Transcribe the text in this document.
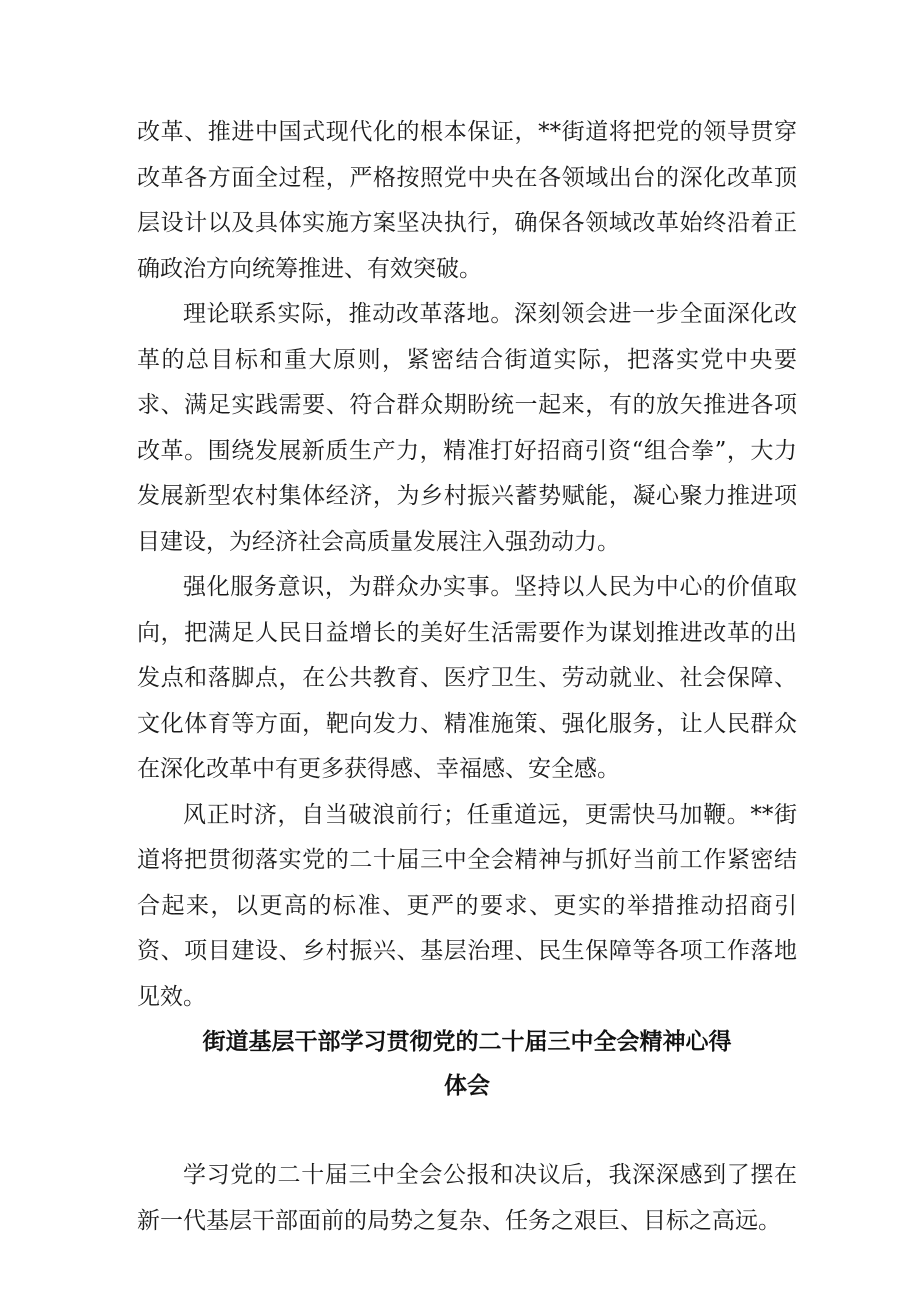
改革、推进中国式现代化的根本保证，**街道将把党的领导贯穿改革各方面全过程，严格按照党中央在各领域出台的深化改革顶层设计以及具体实施方案坚决执行，确保各领域改革始终沿着正确政治方向统筹推进、有效突破。

理论联系实际，推动改革落地。深刻领会进一步全面深化改革的总目标和重大原则，紧密结合街道实际，把落实党中央要求、满足实践需要、符合群众期盼统一起来，有的放矢推进各项改革。围绕发展新质生产力，精准打好招商引资“组合拳”，大力发展新型农村集体经济，为乡村振兴蓄势赋能，凝心聚力推进项目建设，为经济社会高质量发展注入强劲动力。

强化服务意识，为群众办实事。坚持以人民为中心的价值取向，把满足人民日益增长的美好生活需要作为谋划推进改革的出发点和落脚点，在公共教育、医疗卫生、劳动就业、社会保障、文化体育等方面，靶向发力、精准施策、强化服务，让人民群众在深化改革中有更多获得感、幸福感、安全感。

风正时济，自当破浪前行；任重道远，更需快马加鞭。**街道将把贯彻落实党的二十届三中全会精神与抓好当前工作紧密结合起来，以更高的标准、更严的要求、更实的举措推动招商引资、项目建设、乡村振兴、基层治理、民生保障等各项工作落地见效。

街道基层干部学习贯彻党的二十届三中全会精神心得
体会

学习党的二十届三中全会公报和决议后，我深深感到了摆在新一代基层干部面前的局势之复杂、任务之艰巨、目标之高远。
